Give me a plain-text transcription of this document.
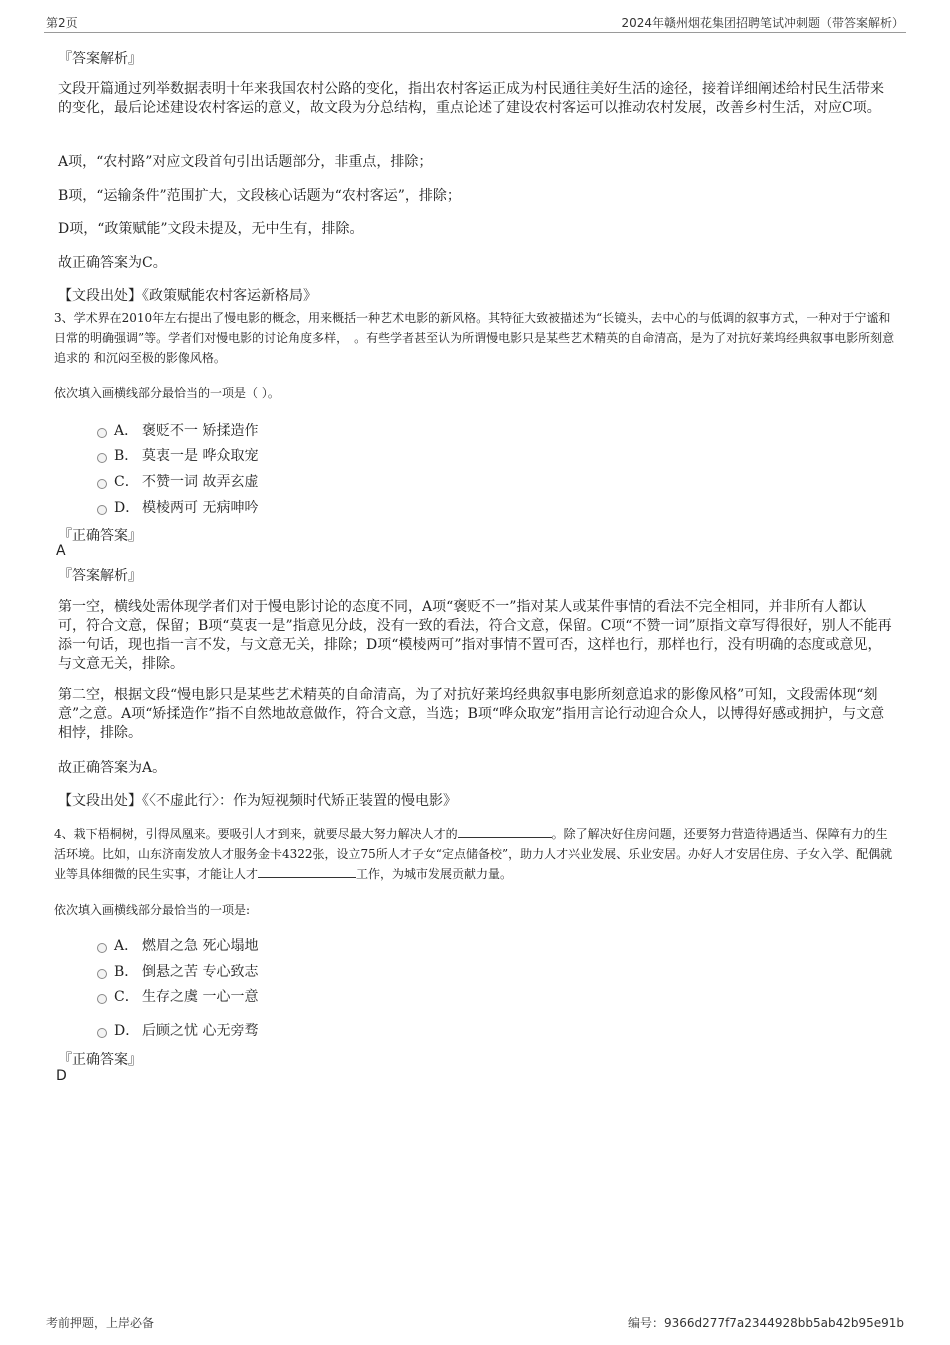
第2页	2024年赣州烟花集团招聘笔试冲刺题（带答案解析）
『答案解析』
文段开篇通过列举数据表明十年来我国农村公路的变化，指出农村客运正成为村民通往美好生活的途径，接着详细阐述给村民生活带来的变化，最后论述建设农村客运的意义，故文段为分总结构，重点论述了建设农村客运可以推动农村发展，改善乡村生活，对应C项。
A项，“农村路”对应文段首句引出话题部分，非重点，排除；
B项，“运输条件”范围扩大，文段核心话题为“农村客运”，排除；
D项，“政策赋能”文段未提及，无中生有，排除。
故正确答案为C。
【文段出处】《政策赋能农村客运新格局》
3、学术界在2010年左右提出了慢电影的概念，用来概括一种艺术电影的新风格。其特征大致被描述为“长镜头，去中心的与低调的叙事方式，一种对于宁谧和日常的明确强调”等。学者们对慢电影的讨论角度多样，　。有些学者甚至认为所谓慢电影只是某些艺术精英的自命清高，是为了对抗好莱坞经典叙事电影所刻意追求的 和沉闷至极的影像风格。
依次填入画横线部分最恰当的一项是（ ）。
A． 褒贬不一 矫揉造作
B． 莫衷一是 哗众取宠
C． 不赞一词 故弄玄虚
D． 模棱两可 无病呻吟
『正确答案』
A
『答案解析』
第一空，横线处需体现学者们对于慢电影讨论的态度不同，A项“褒贬不一”指对某人或某件事情的看法不完全相同，并非所有人都认可，符合文意，保留；B项“莫衷一是”指意见分歧，没有一致的看法，符合文意，保留。C项“不赞一词”原指文章写得很好，别人不能再添一句话，现也指一言不发，与文意无关，排除；D项“模棱两可”指对事情不置可否，这样也行，那样也行，没有明确的态度或意见，与文意无关，排除。
第二空，根据文段“慢电影只是某些艺术精英的自命清高，为了对抗好莱坞经典叙事电影所刻意追求的影像风格”可知，文段需体现“刻意”之意。A项“矫揉造作”指不自然地故意做作，符合文意，当选；B项“哗众取宠”指用言论行动迎合众人，以博得好感或拥护，与文意相悖，排除。
故正确答案为A。
【文段出处】《〈不虚此行〉：作为短视频时代矫正装置的慢电影》
4、栽下梧桐树，引得凤凰来。要吸引人才到来，就要尽最大努力解决人才的	。除了解决好住房问题，还要努力营造待遇适当、保障有力的生活环境。比如，山东济南发放人才服务金卡4322张，设立75所人才子女“定点储备校”，助力人才兴业发展、乐业安居。办好人才安居住房、子女入学、配偶就业等具体细微的民生实事，才能让人才	工作，为城市发展贡献力量。
依次填入画横线部分最恰当的一项是:
A． 燃眉之急 死心塌地
B． 倒悬之苦 专心致志
C． 生存之虞 一心一意
D． 后顾之忧 心无旁骛
『正确答案』
D
考前押题，上岸必备	编号：9366d277f7a2344928bb5ab42b95e91b
